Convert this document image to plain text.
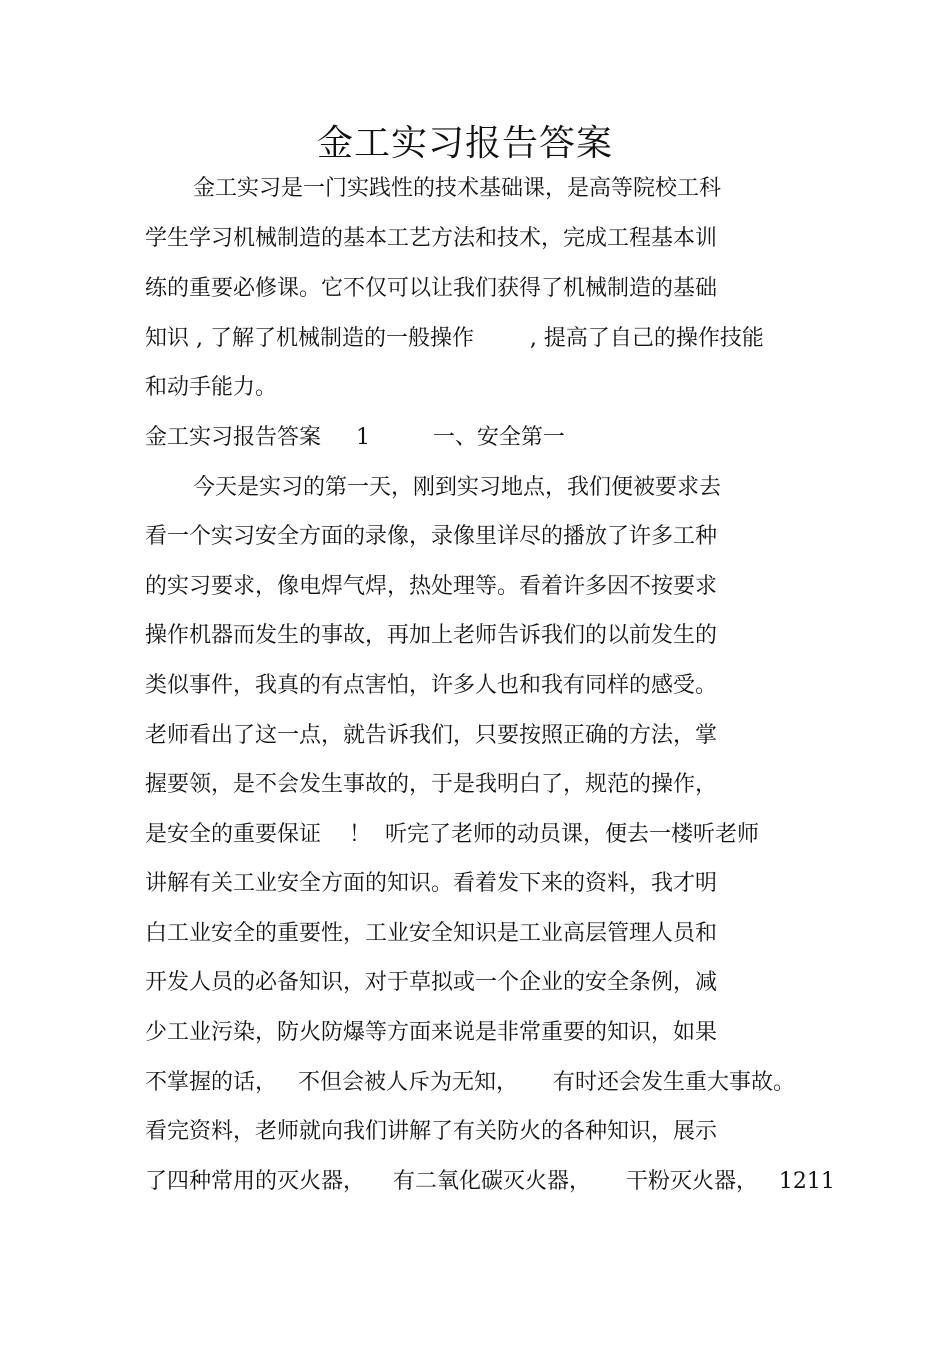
金工实习报告答案
金工实习是一门实践性的技术基础课，是高等院校工科
学生学习机械制造的基本工艺方法和技术，完成工程基本训
练的重要必修课。它不仅可以让我们获得了机械制造的基础
知识 , 了解了机械制造的一般操作        , 提高了自己的操作技能
和动手能力。
金工实习报告答案     1         一、安全第一
今天是实习的第一天，刚到实习地点，我们便被要求去
看一个实习安全方面的录像，录像里详尽的播放了许多工种
的实习要求，像电焊气焊，热处理等。看着许多因不按要求
操作机器而发生的事故，再加上老师告诉我们的以前发生的
类似事件，我真的有点害怕，许多人也和我有同样的感受。
老师看出了这一点，就告诉我们，只要按照正确的方法，掌
握要领，是不会发生事故的，于是我明白了，规范的操作，
是安全的重要保证    ！  听完了老师的动员课，便去一楼听老师
讲解有关工业安全方面的知识。看着发下来的资料，我才明
白工业安全的重要性，工业安全知识是工业高层管理人员和
开发人员的必备知识，对于草拟或一个企业的安全条例，减
少工业污染，防火防爆等方面来说是非常重要的知识，如果
不掌握的话，   不但会被人斥为无知，     有时还会发生重大事故。
看完资料，老师就向我们讲解了有关防火的各种知识，展示
了四种常用的灭火器，    有二氧化碳灭火器，     干粉灭火器，   1211
